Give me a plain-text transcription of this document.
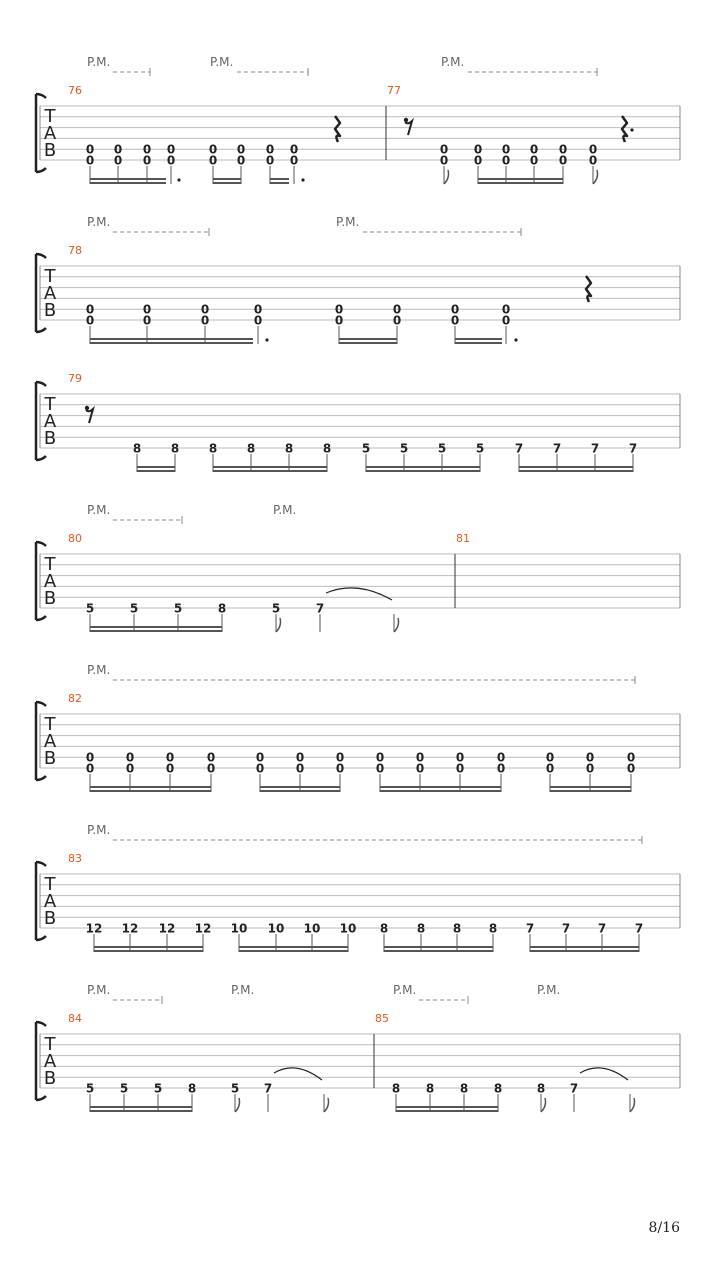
T
A
B
76	77
P.M.	P.M.	P.M.
0
0
0
0
0
0
0
0
0
0
0
0
0
0
0
0
0
0
0
0
0
0
0
0
0
0
0
0
T
A
B
78
P.M.	P.M.
0
0
0
0
0
0
0
0
0
0
0
0
0
0
0
0
T
A
B
79
8 8 8 8 8 8	5 5 5 5	7 7 7 7
T
A
B
80	81
P.M.	P.M.
5	5	5	8	5	7
T
A
B
82
P.M.
0
0
0
0
0
0
0
0
0
0
0
0
0
0
0
0
0
0
0
0
0
0
0
0
0
0
0
0
T
A
B
83
P.M.
12 12 12 12 10 10 10 10 8 8 8 8 7 7 7 7
T
A
B
84	85
P.M.	P.M.	P.M.	P.M.
5 5 5 8	5 7	8 8 8 8	8 7
8/16
